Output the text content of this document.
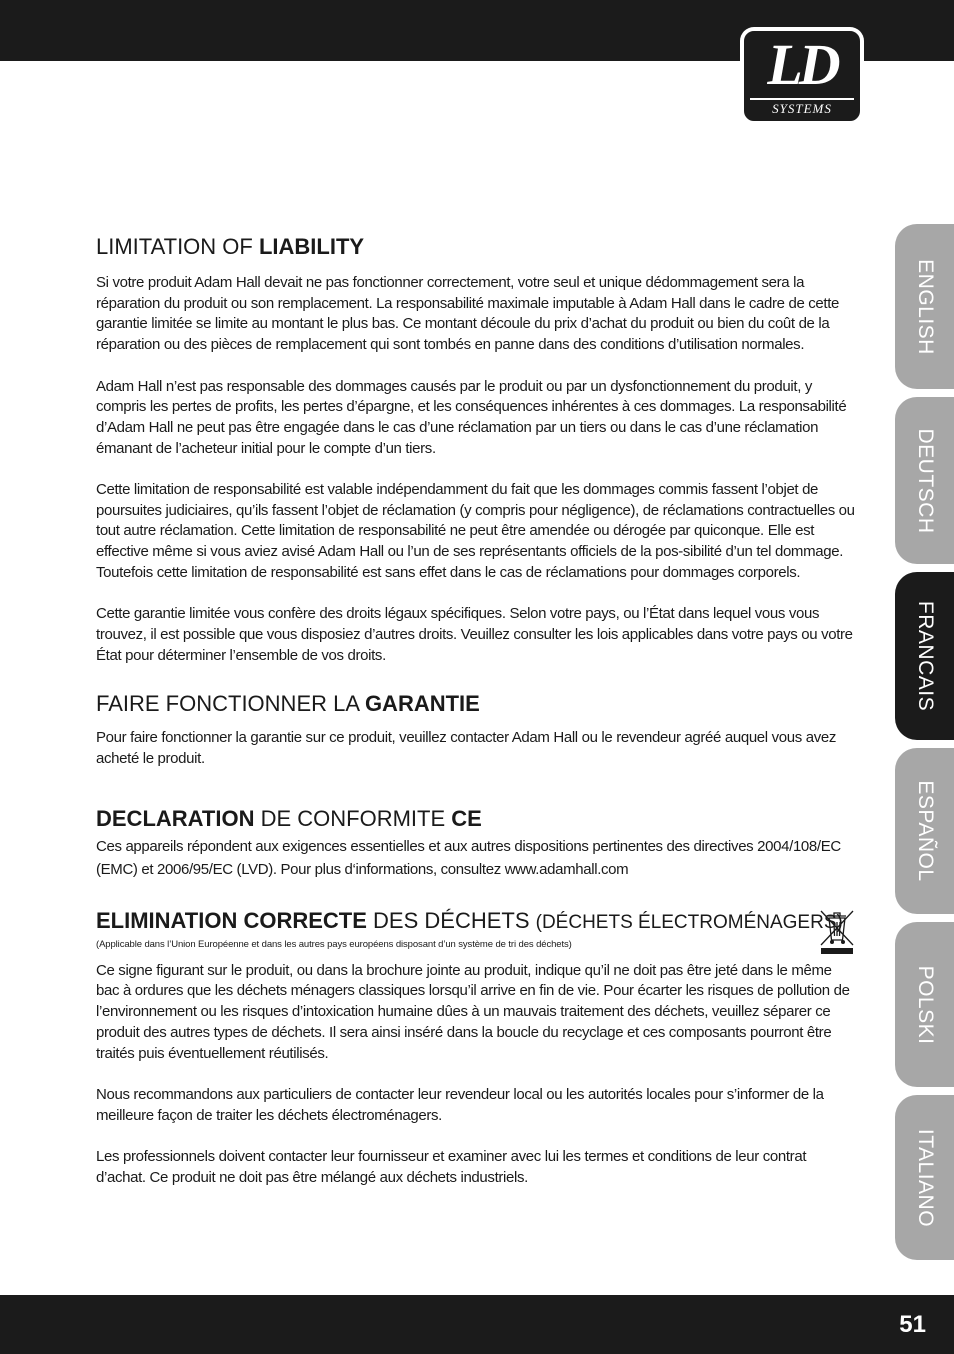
LD
SYSTEMS
ENGLISH
DEUTSCH
FRANCAIS
ESPAÑOL
POLSKI
ITALIANO
LIMITATION OF LIABILITY

Si votre produit Adam Hall devait ne pas fonctionner correctement, votre seul et unique dédommagement sera la réparation du produit ou son remplacement. La responsabilité maximale imputable à Adam Hall dans le cadre de cette garantie limitée se limite au montant le plus bas. Ce montant découle du prix d’achat du produit ou bien du coût de la réparation ou des pièces de remplacement qui sont tombés en panne dans des conditions d’utilisation normales.

Adam Hall n’est pas responsable des dommages causés par le produit ou par un dysfonctionnement du produit, y compris les pertes de profits, les pertes d’épargne, et les conséquences inhérentes à ces dommages. La responsabilité d’Adam Hall ne peut pas être engagée dans le cas d’une réclamation par un tiers ou dans le cas d’une réclamation émanant de l’acheteur initial pour le compte d’un tiers.

Cette limitation de responsabilité est valable indépendamment du fait que les dommages commis fassent l’objet de poursuites judiciaires, qu’ils fassent l’objet de réclamation (y compris pour négligence), de réclamations contractuelles ou tout autre réclamation. Cette limitation de responsabilité ne peut être amendée ou dérogée par quiconque. Elle est effective même si vous aviez avisé Adam Hall ou l’un de ses représentants officiels de la pos-sibilité d’un tel dommage. Toutefois cette limitation de responsabilité est sans effet dans le cas de réclamations pour dommages corporels.

Cette garantie limitée vous confère des droits légaux spécifiques. Selon votre pays, ou l’État dans lequel vous vous trouvez, il est possible que vous disposiez d’autres droits. Veuillez consulter les lois applicables dans votre pays ou votre État pour déterminer l’ensemble de vos droits.

FAIRE FONCTIONNER LA GARANTIE

Pour faire fonctionner la garantie sur ce produit, veuillez contacter Adam Hall ou le revendeur agréé auquel vous avez acheté le produit.

DECLARATION DE CONFORMITE CE

Ces appareils répondent aux exigences essentielles et aux autres dispositions pertinentes des directives 2004/108/EC (EMC) et 2006/95/EC (LVD). Pour plus d‘informations, consultez www.adamhall.com

ELIMINATION CORRECTE DES DÉCHETS (DÉCHETS ÉLECTROMÉNAGERS)

(Applicable dans l’Union Européenne et dans les autres pays européens disposant d’un système de tri des déchets)

Ce signe figurant sur le produit, ou dans la brochure jointe au produit, indique qu’il ne doit pas être jeté dans le même bac à ordures que les déchets ménagers classiques lorsqu’il arrive en fin de vie. Pour écarter les risques de pollution de l’environnement ou les risques d’intoxication humaine dûes à un mauvais traitement des déchets, veuillez séparer ce produit des autres types de déchets. Il sera ainsi inséré dans la boucle du recyclage et ces composants pourront être traités puis éventuellement réutilisés.

Nous recommandons aux particuliers de contacter leur revendeur local ou les autorités locales pour s’informer de la meilleure façon de traiter les déchets électroménagers.

Les professionnels doivent contacter leur fournisseur et examiner avec lui les termes et conditions de leur contrat d’achat. Ce produit ne doit pas être mélangé aux déchets industriels.

51
